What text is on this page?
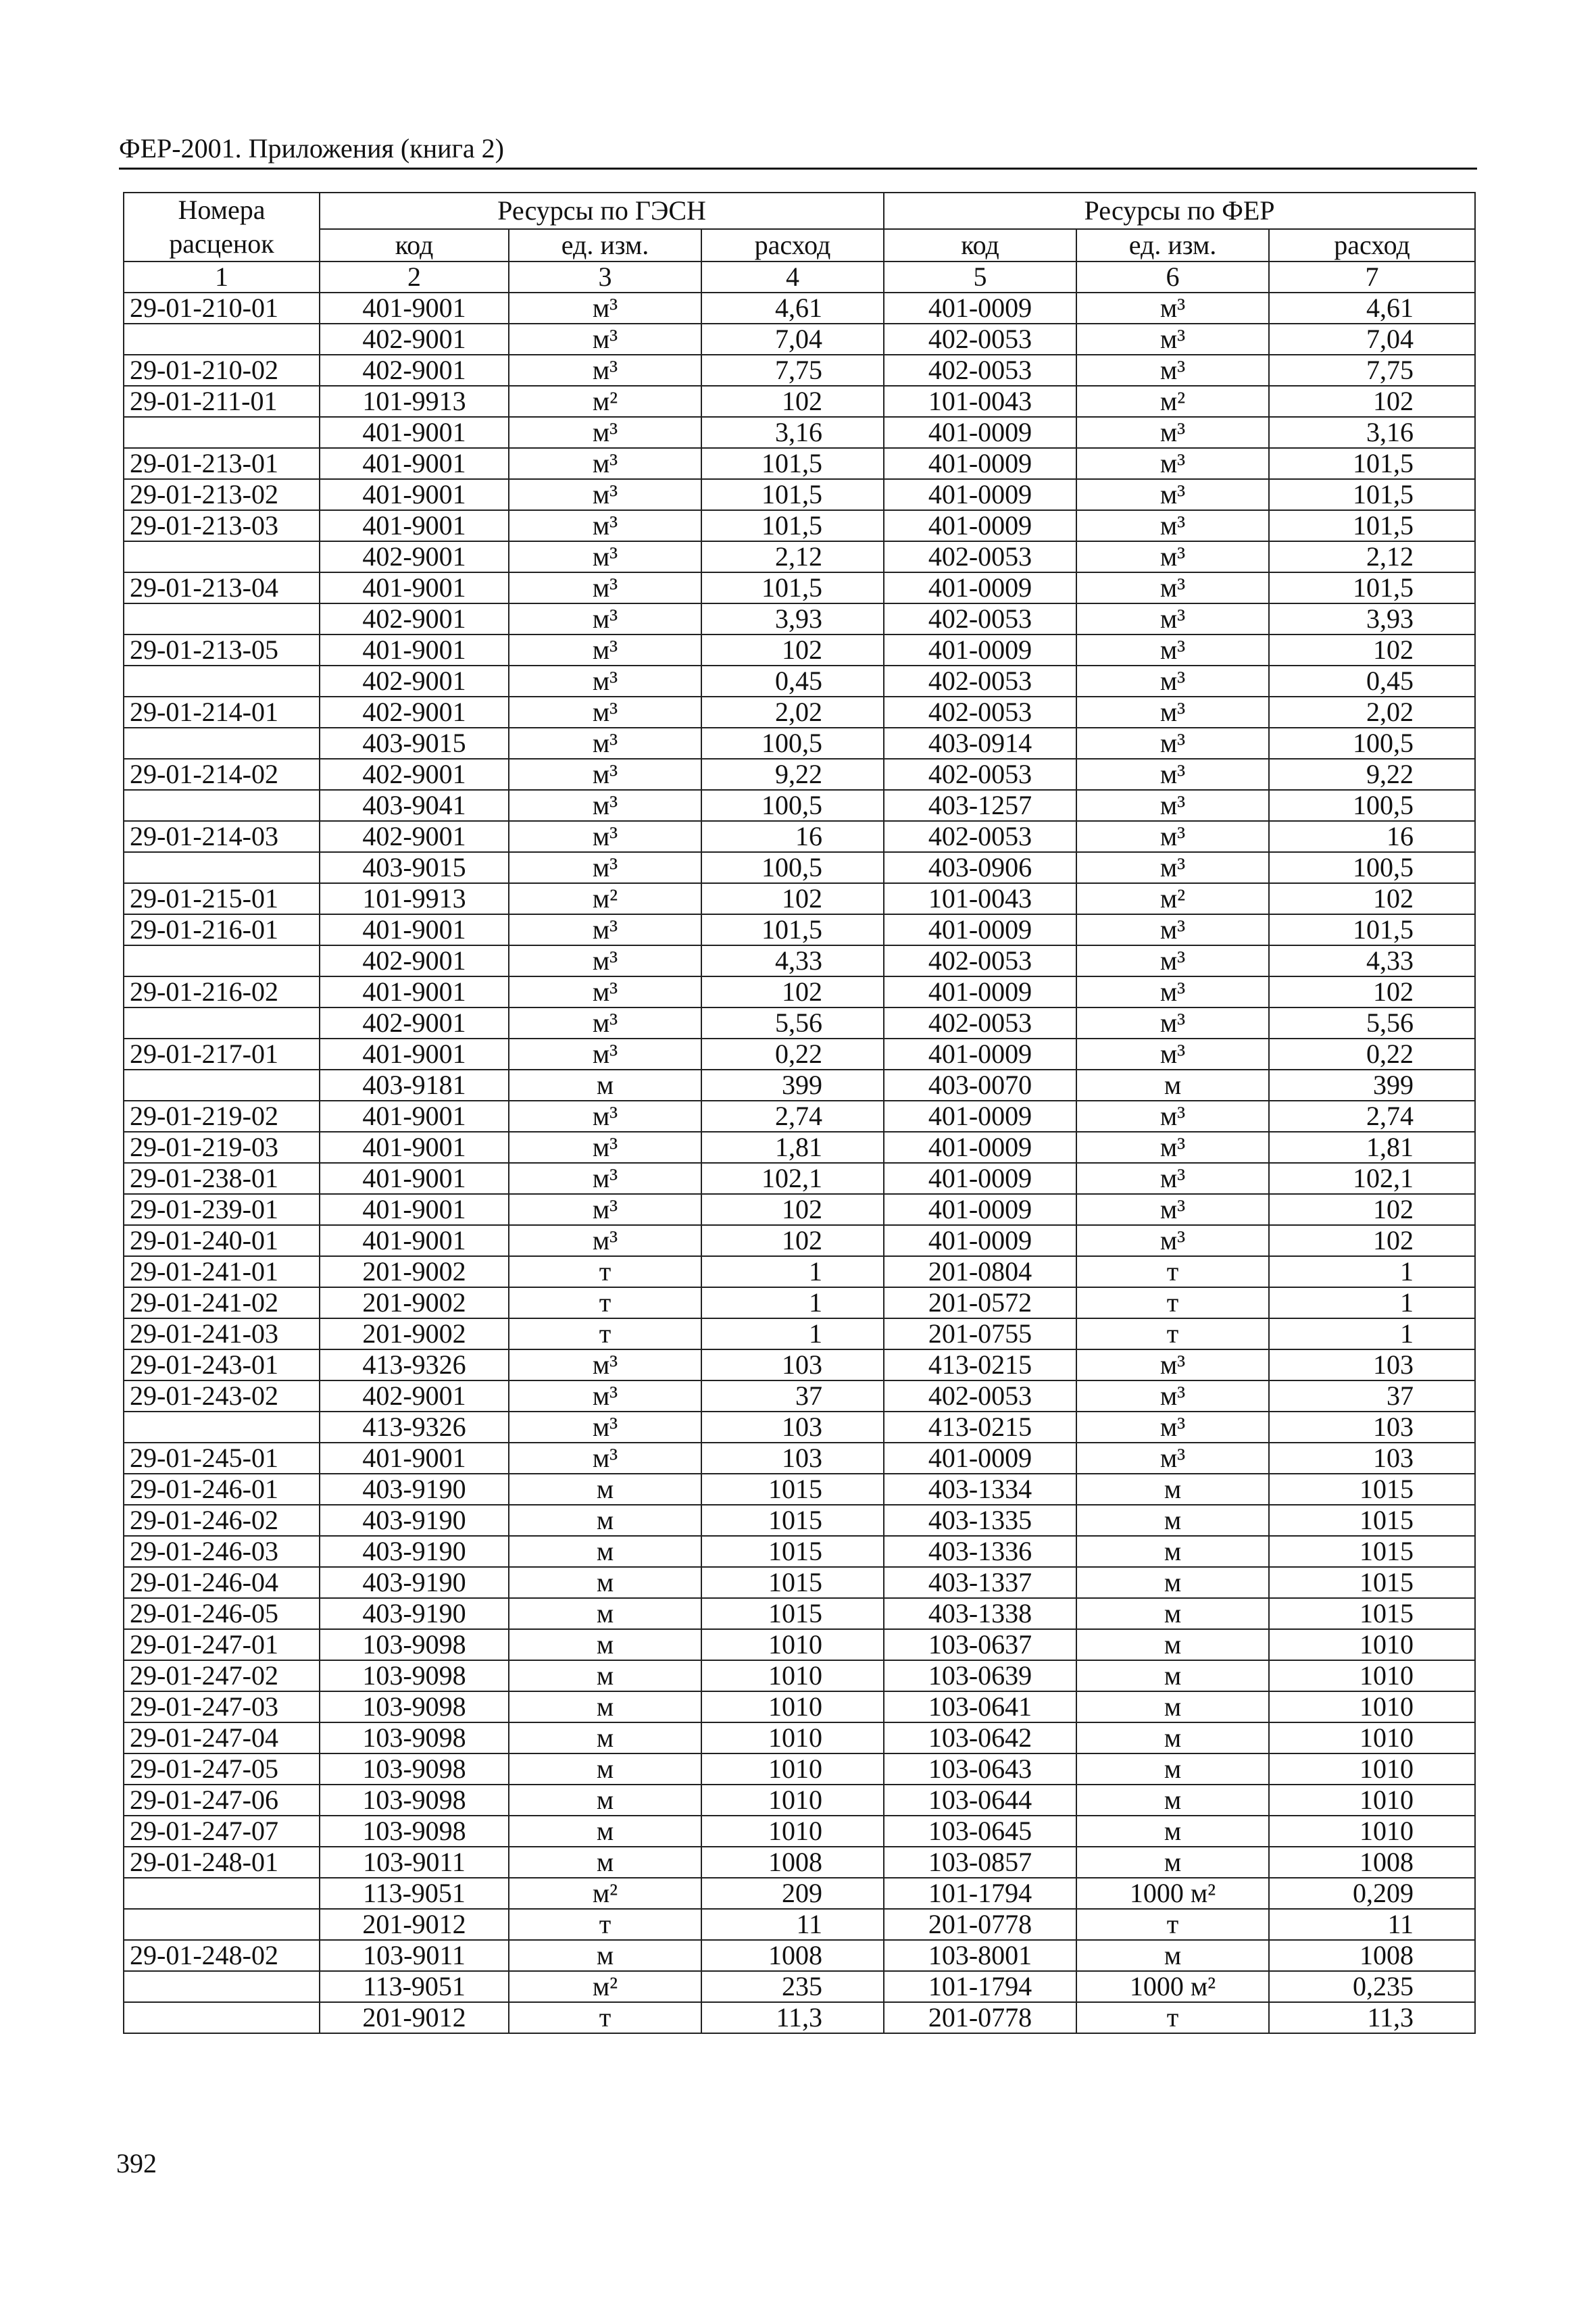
ФЕР-2001. Приложения (книга 2)
Номера расценок	Ресурсы по ГЭСН			Ресурсы по ФЕР		
	код	ед. изм.	расход	код	ед. изм.	расход
1	2	3	4	5	6	7
29-01-210-01	401-9001	м³	4,61	401-0009	м³	4,61
	402-9001	м³	7,04	402-0053	м³	7,04
29-01-210-02	402-9001	м³	7,75	402-0053	м³	7,75
29-01-211-01	101-9913	м²	102	101-0043	м²	102
	401-9001	м³	3,16	401-0009	м³	3,16
29-01-213-01	401-9001	м³	101,5	401-0009	м³	101,5
29-01-213-02	401-9001	м³	101,5	401-0009	м³	101,5
29-01-213-03	401-9001	м³	101,5	401-0009	м³	101,5
	402-9001	м³	2,12	402-0053	м³	2,12
29-01-213-04	401-9001	м³	101,5	401-0009	м³	101,5
	402-9001	м³	3,93	402-0053	м³	3,93
29-01-213-05	401-9001	м³	102	401-0009	м³	102
	402-9001	м³	0,45	402-0053	м³	0,45
29-01-214-01	402-9001	м³	2,02	402-0053	м³	2,02
	403-9015	м³	100,5	403-0914	м³	100,5
29-01-214-02	402-9001	м³	9,22	402-0053	м³	9,22
	403-9041	м³	100,5	403-1257	м³	100,5
29-01-214-03	402-9001	м³	16	402-0053	м³	16
	403-9015	м³	100,5	403-0906	м³	100,5
29-01-215-01	101-9913	м²	102	101-0043	м²	102
29-01-216-01	401-9001	м³	101,5	401-0009	м³	101,5
	402-9001	м³	4,33	402-0053	м³	4,33
29-01-216-02	401-9001	м³	102	401-0009	м³	102
	402-9001	м³	5,56	402-0053	м³	5,56
29-01-217-01	401-9001	м³	0,22	401-0009	м³	0,22
	403-9181	м	399	403-0070	м	399
29-01-219-02	401-9001	м³	2,74	401-0009	м³	2,74
29-01-219-03	401-9001	м³	1,81	401-0009	м³	1,81
29-01-238-01	401-9001	м³	102,1	401-0009	м³	102,1
29-01-239-01	401-9001	м³	102	401-0009	м³	102
29-01-240-01	401-9001	м³	102	401-0009	м³	102
29-01-241-01	201-9002	т	1	201-0804	т	1
29-01-241-02	201-9002	т	1	201-0572	т	1
29-01-241-03	201-9002	т	1	201-0755	т	1
29-01-243-01	413-9326	м³	103	413-0215	м³	103
29-01-243-02	402-9001	м³	37	402-0053	м³	37
	413-9326	м³	103	413-0215	м³	103
29-01-245-01	401-9001	м³	103	401-0009	м³	103
29-01-246-01	403-9190	м	1015	403-1334	м	1015
29-01-246-02	403-9190	м	1015	403-1335	м	1015
29-01-246-03	403-9190	м	1015	403-1336	м	1015
29-01-246-04	403-9190	м	1015	403-1337	м	1015
29-01-246-05	403-9190	м	1015	403-1338	м	1015
29-01-247-01	103-9098	м	1010	103-0637	м	1010
29-01-247-02	103-9098	м	1010	103-0639	м	1010
29-01-247-03	103-9098	м	1010	103-0641	м	1010
29-01-247-04	103-9098	м	1010	103-0642	м	1010
29-01-247-05	103-9098	м	1010	103-0643	м	1010
29-01-247-06	103-9098	м	1010	103-0644	м	1010
29-01-247-07	103-9098	м	1010	103-0645	м	1010
29-01-248-01	103-9011	м	1008	103-0857	м	1008
	113-9051	м²	209	101-1794	1000 м²	0,209
	201-9012	т	11	201-0778	т	11
29-01-248-02	103-9011	м	1008	103-8001	м	1008
	113-9051	м²	235	101-1794	1000 м²	0,235
	201-9012	т	11,3	201-0778	т	11,3
392
